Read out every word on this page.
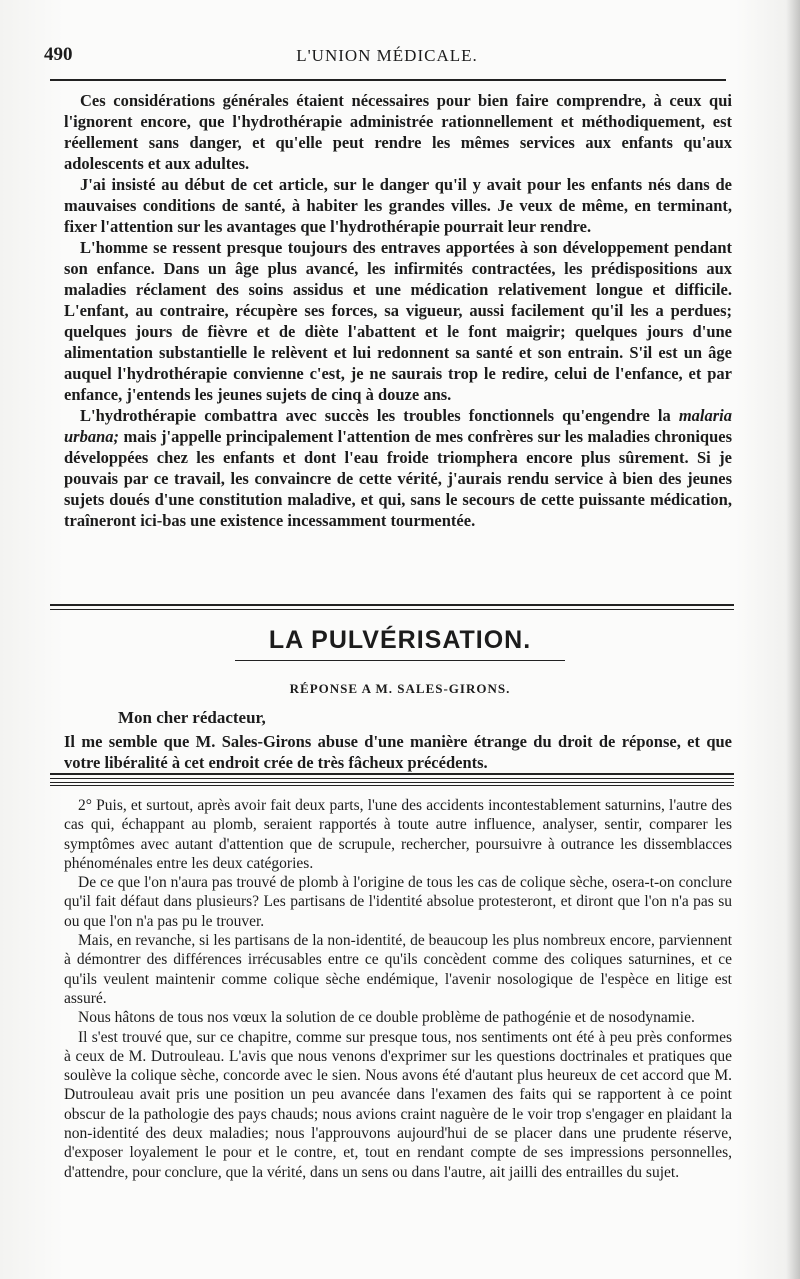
490	L'UNION MÉDICALE.

Ces considérations générales étaient nécessaires pour bien faire comprendre, à ceux qui l'ignorent encore, que l'hydrothérapie administrée rationnellement et méthodiquement, est réellement sans danger, et qu'elle peut rendre les mêmes services aux enfants qu'aux adolescents et aux adultes.

J'ai insisté au début de cet article, sur le danger qu'il y avait pour les enfants nés dans de mauvaises conditions de santé, à habiter les grandes villes. Je veux de même, en terminant, fixer l'attention sur les avantages que l'hydrothérapie pourrait leur rendre.

L'homme se ressent presque toujours des entraves apportées à son développement pendant son enfance. Dans un âge plus avancé, les infirmités contractées, les prédispositions aux maladies réclament des soins assidus et une médication relativement longue et difficile. L'enfant, au contraire, récupère ses forces, sa vigueur, aussi facilement qu'il les a perdues; quelques jours de fièvre et de diète l'abattent et le font maigrir; quelques jours d'une alimentation substantielle le relèvent et lui redonnent sa santé et son entrain. S'il est un âge auquel l'hydrothérapie convienne c'est, je ne saurais trop le redire, celui de l'enfance, et par enfance, j'entends les jeunes sujets de cinq à douze ans.

L'hydrothérapie combattra avec succès les troubles fonctionnels qu'engendre la malaria urbana; mais j'appelle principalement l'attention de mes confrères sur les maladies chroniques développées chez les enfants et dont l'eau froide triomphera encore plus sûrement. Si je pouvais par ce travail, les convaincre de cette vérité, j'aurais rendu service à bien des jeunes sujets doués d'une constitution maladive, et qui, sans le secours de cette puissante médication, traîneront ici-bas une existence incessamment tourmentée.

LA PULVÉRISATION.
RÉPONSE A M. SALES-GIRONS.
Mon cher rédacteur,

Il me semble que M. Sales-Girons abuse d'une manière étrange du droit de réponse, et que votre libéralité à cet endroit crée de très fâcheux précédents.

2° Puis, et surtout, après avoir fait deux parts, l'une des accidents incontestablement saturnins, l'autre des cas qui, échappant au plomb, seraient rapportés à toute autre influence, analyser, sentir, comparer les symptômes avec autant d'attention que de scrupule, rechercher, poursuivre à outrance les dissemblacces phénoménales entre les deux catégories.

De ce que l'on n'aura pas trouvé de plomb à l'origine de tous les cas de colique sèche, osera-t-on conclure qu'il fait défaut dans plusieurs? Les partisans de l'identité absolue protesteront, et diront que l'on n'a pas su ou que l'on n'a pas pu le trouver.

Mais, en revanche, si les partisans de la non-identité, de beaucoup les plus nombreux encore, parviennent à démontrer des différences irrécusables entre ce qu'ils concèdent comme des coliques saturnines, et ce qu'ils veulent maintenir comme colique sèche endémique, l'avenir nosologique de l'espèce en litige est assuré.

Nous hâtons de tous nos vœux la solution de ce double problème de pathogénie et de nosodynamie.

Il s'est trouvé que, sur ce chapitre, comme sur presque tous, nos sentiments ont été à peu près conformes à ceux de M. Dutrouleau. L'avis que nous venons d'exprimer sur les questions doctrinales et pratiques que soulève la colique sèche, concorde avec le sien. Nous avons été d'autant plus heureux de cet accord que M. Dutrouleau avait pris une position un peu avancée dans l'examen des faits qui se rapportent à ce point obscur de la pathologie des pays chauds; nous avions craint naguère de le voir trop s'engager en plaidant la non-identité des deux maladies; nous l'approuvons aujourd'hui de se placer dans une prudente réserve, d'exposer loyalement le pour et le contre, et, tout en rendant compte de ses impressions personnelles, d'attendre, pour conclure, que la vérité, dans un sens ou dans l'autre, ait jailli des entrailles du sujet.
